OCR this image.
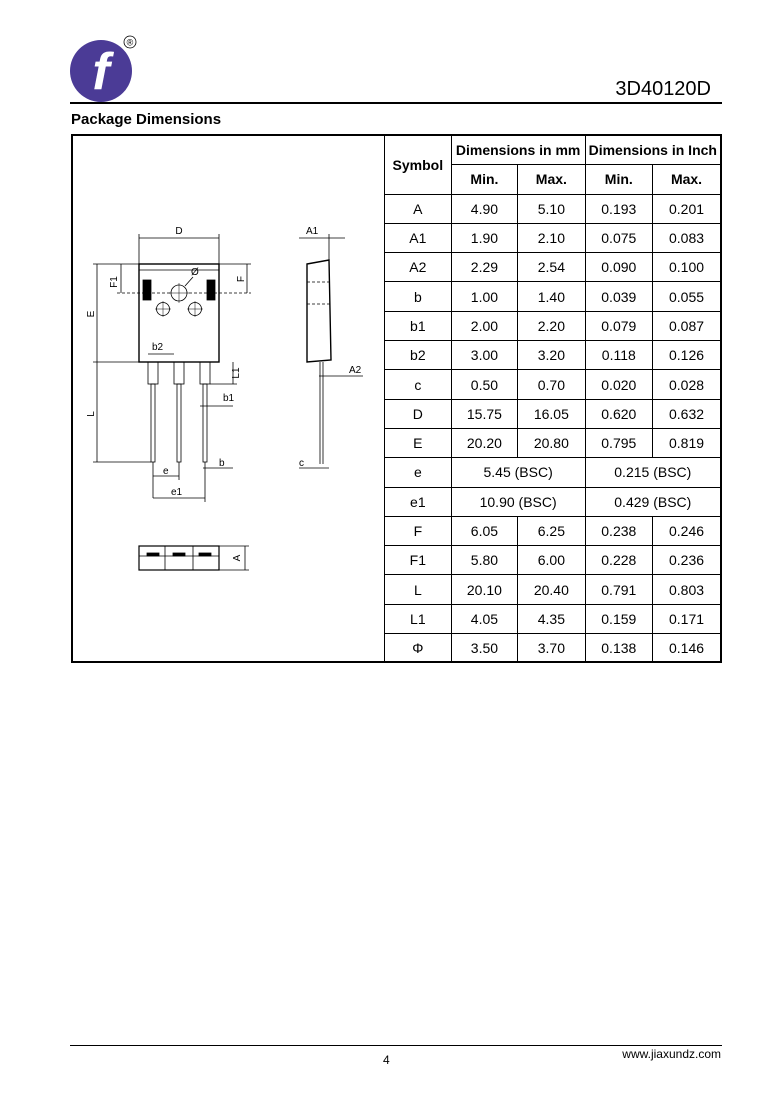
f
®
3D40120D
Package Dimensions
D	A1
F1	F
Ø
E
b2
L1	A2
b1
L
e
b	c
e1
A
Symbol	Dimensions in mm		Dimensions in Inch	
	Min.	Max.	Min.	Max.
A	4.90	5.10	0.193	0.201
A1	1.90	2.10	0.075	0.083
A2	2.29	2.54	0.090	0.100
b	1.00	1.40	0.039	0.055
b1	2.00	2.20	0.079	0.087
b2	3.00	3.20	0.118	0.126
c	0.50	0.70	0.020	0.028
D	15.75	16.05	0.620	0.632
E	20.20	20.80	0.795	0.819
e	5.45 (BSC)		0.215 (BSC)	
e1	10.90 (BSC)		0.429 (BSC)	
F	6.05	6.25	0.238	0.246
F1	5.80	6.00	0.228	0.236
L	20.10	20.40	0.791	0.803
L1	4.05	4.35	0.159	0.171
Φ	3.50	3.70	0.138	0.146
4	www.jiaxundz.com
